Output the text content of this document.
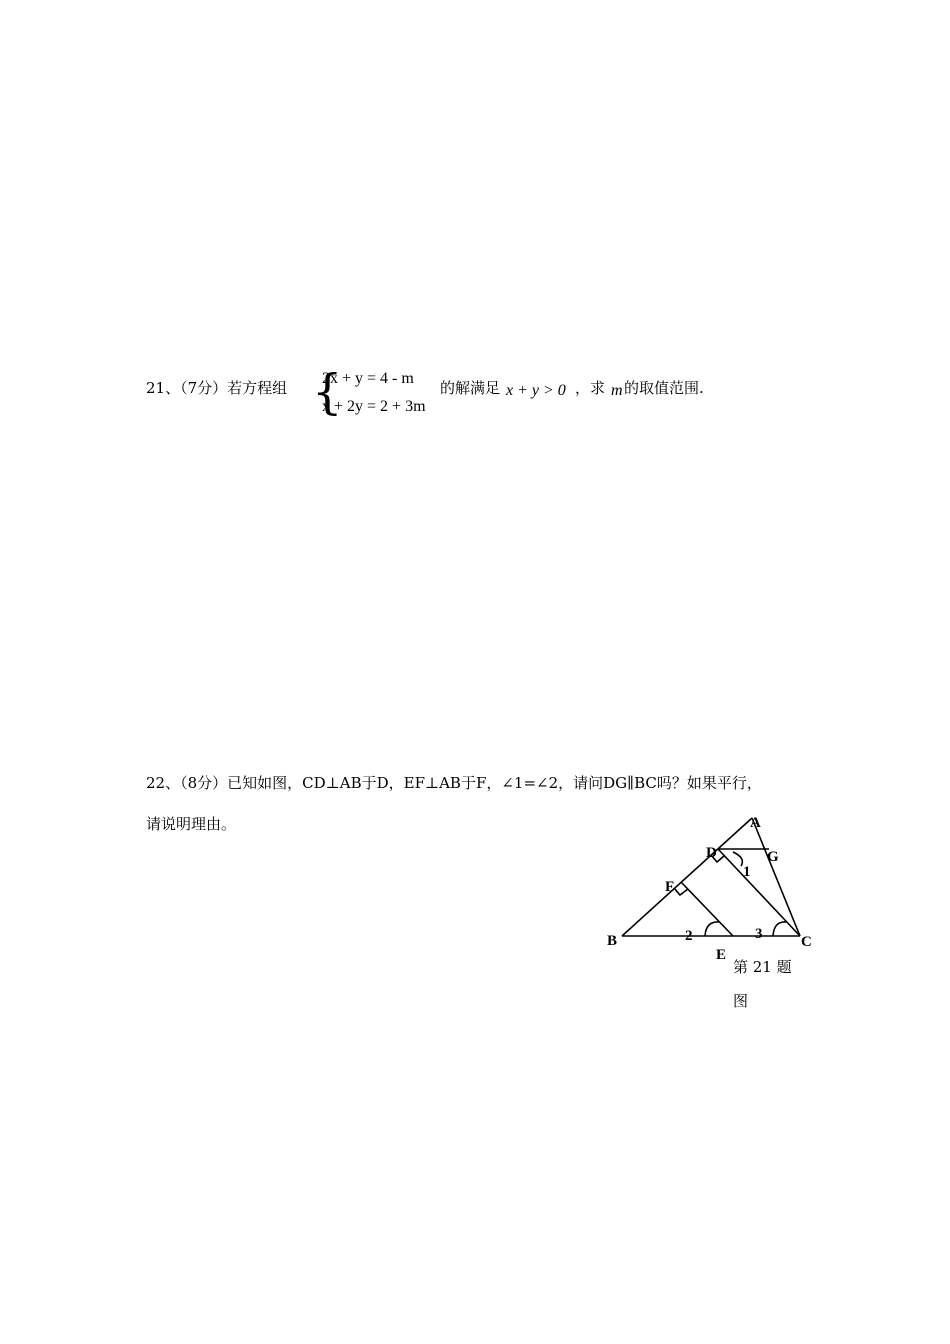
21、（7分）若方程组 {
2x + y = 4 - m
x + 2y = 2 + 3m
的解满足 x + y > 0 ，求 m 的取值范围.
22、（8分）已知如图，CD⊥AB于D，EF⊥AB于F，∠1=∠2，请问DG∥BC吗？如果平行，
请说明理由。	A
D	G
F
B	C
E
1
2	3
第 21 题
图
